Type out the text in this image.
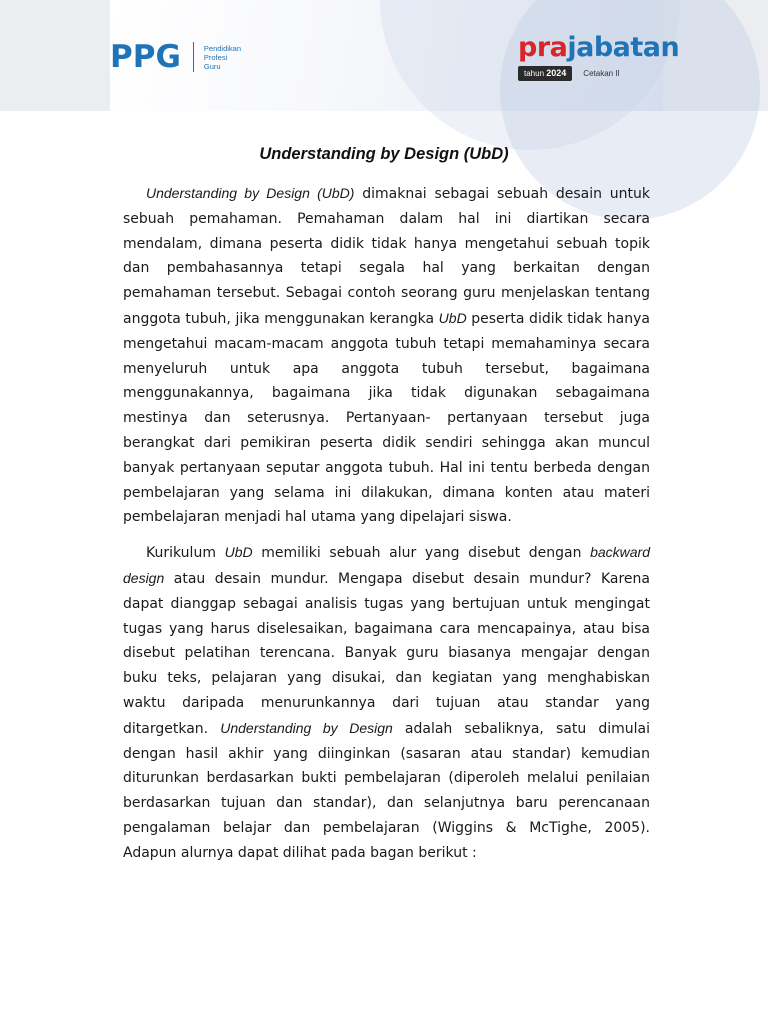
PPG	Pendidikan
Profesi
Guru
prajabatan
tahun 2024	Cetakan II
Understanding by Design (UbD)

Understanding by Design (UbD) dimaknai sebagai sebuah desain untuk sebuah pemahaman. Pemahaman dalam hal ini diartikan secara mendalam, dimana peserta didik tidak hanya mengetahui sebuah topik dan pembahasannya tetapi segala hal yang berkaitan dengan pemahaman tersebut. Sebagai contoh seorang guru menjelaskan tentang anggota tubuh, jika menggunakan kerangka UbD peserta didik tidak hanya mengetahui macam-macam anggota tubuh tetapi memahaminya secara menyeluruh untuk apa anggota tubuh tersebut, bagaimana menggunakannya, bagaimana jika tidak digunakan sebagaimana mestinya dan seterusnya. Pertanyaan- pertanyaan tersebut juga berangkat dari pemikiran peserta didik sendiri sehingga akan muncul banyak pertanyaan seputar anggota tubuh. Hal ini tentu berbeda dengan pembelajaran yang selama ini dilakukan, dimana konten atau materi pembelajaran menjadi hal utama yang dipelajari siswa.

Kurikulum UbD memiliki sebuah alur yang disebut dengan backward design atau desain mundur. Mengapa disebut desain mundur? Karena dapat dianggap sebagai analisis tugas yang bertujuan untuk mengingat tugas yang harus diselesaikan, bagaimana cara mencapainya, atau bisa disebut pelatihan terencana. Banyak guru biasanya mengajar dengan buku teks, pelajaran yang disukai, dan kegiatan yang menghabiskan waktu daripada menurunkannya dari tujuan atau standar yang ditargetkan. Understanding by Design adalah sebaliknya, satu dimulai dengan hasil akhir yang diinginkan (sasaran atau standar) kemudian diturunkan berdasarkan bukti pembelajaran (diperoleh melalui penilaian berdasarkan tujuan dan standar), dan selanjutnya baru perencanaan pengalaman belajar dan pembelajaran (Wiggins & McTighe, 2005). Adapun alurnya dapat dilihat pada bagan berikut :
